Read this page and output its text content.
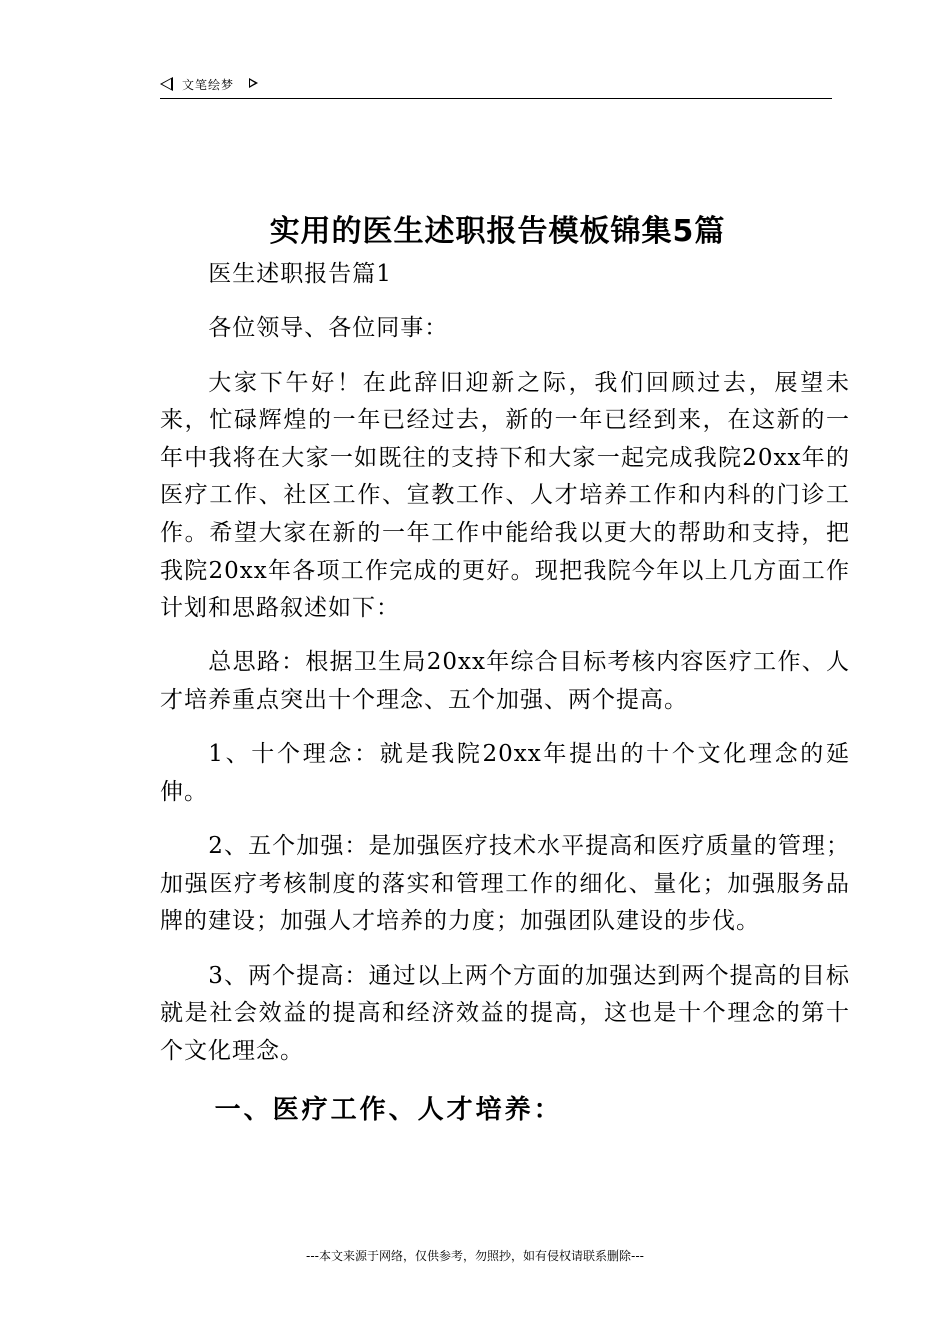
文笔绘梦
实用的医生述职报告模板锦集5篇

医生述职报告篇1

各位领导、各位同事：

大家下午好！在此辞旧迎新之际，我们回顾过去，展望未来，忙碌辉煌的一年已经过去，新的一年已经到来，在这新的一年中我将在大家一如既往的支持下和大家一起完成我院20xx年的医疗工作、社区工作、宣教工作、人才培养工作和内科的门诊工作。希望大家在新的一年工作中能给我以更大的帮助和支持，把我院20xx年各项工作完成的更好。现把我院今年以上几方面工作计划和思路叙述如下：

总思路：根据卫生局20xx年综合目标考核内容医疗工作、人才培养重点突出十个理念、五个加强、两个提高。

1、十个理念：就是我院20xx年提出的十个文化理念的延伸。

2、五个加强：是加强医疗技术水平提高和医疗质量的管理；加强医疗考核制度的落实和管理工作的细化、量化；加强服务品牌的建设；加强人才培养的力度；加强团队建设的步伐。

3、两个提高：通过以上两个方面的加强达到两个提高的目标就是社会效益的提高和经济效益的提高，这也是十个理念的第十个文化理念。

一、医疗工作、人才培养：

---本文来源于网络，仅供参考，勿照抄，如有侵权请联系删除---
